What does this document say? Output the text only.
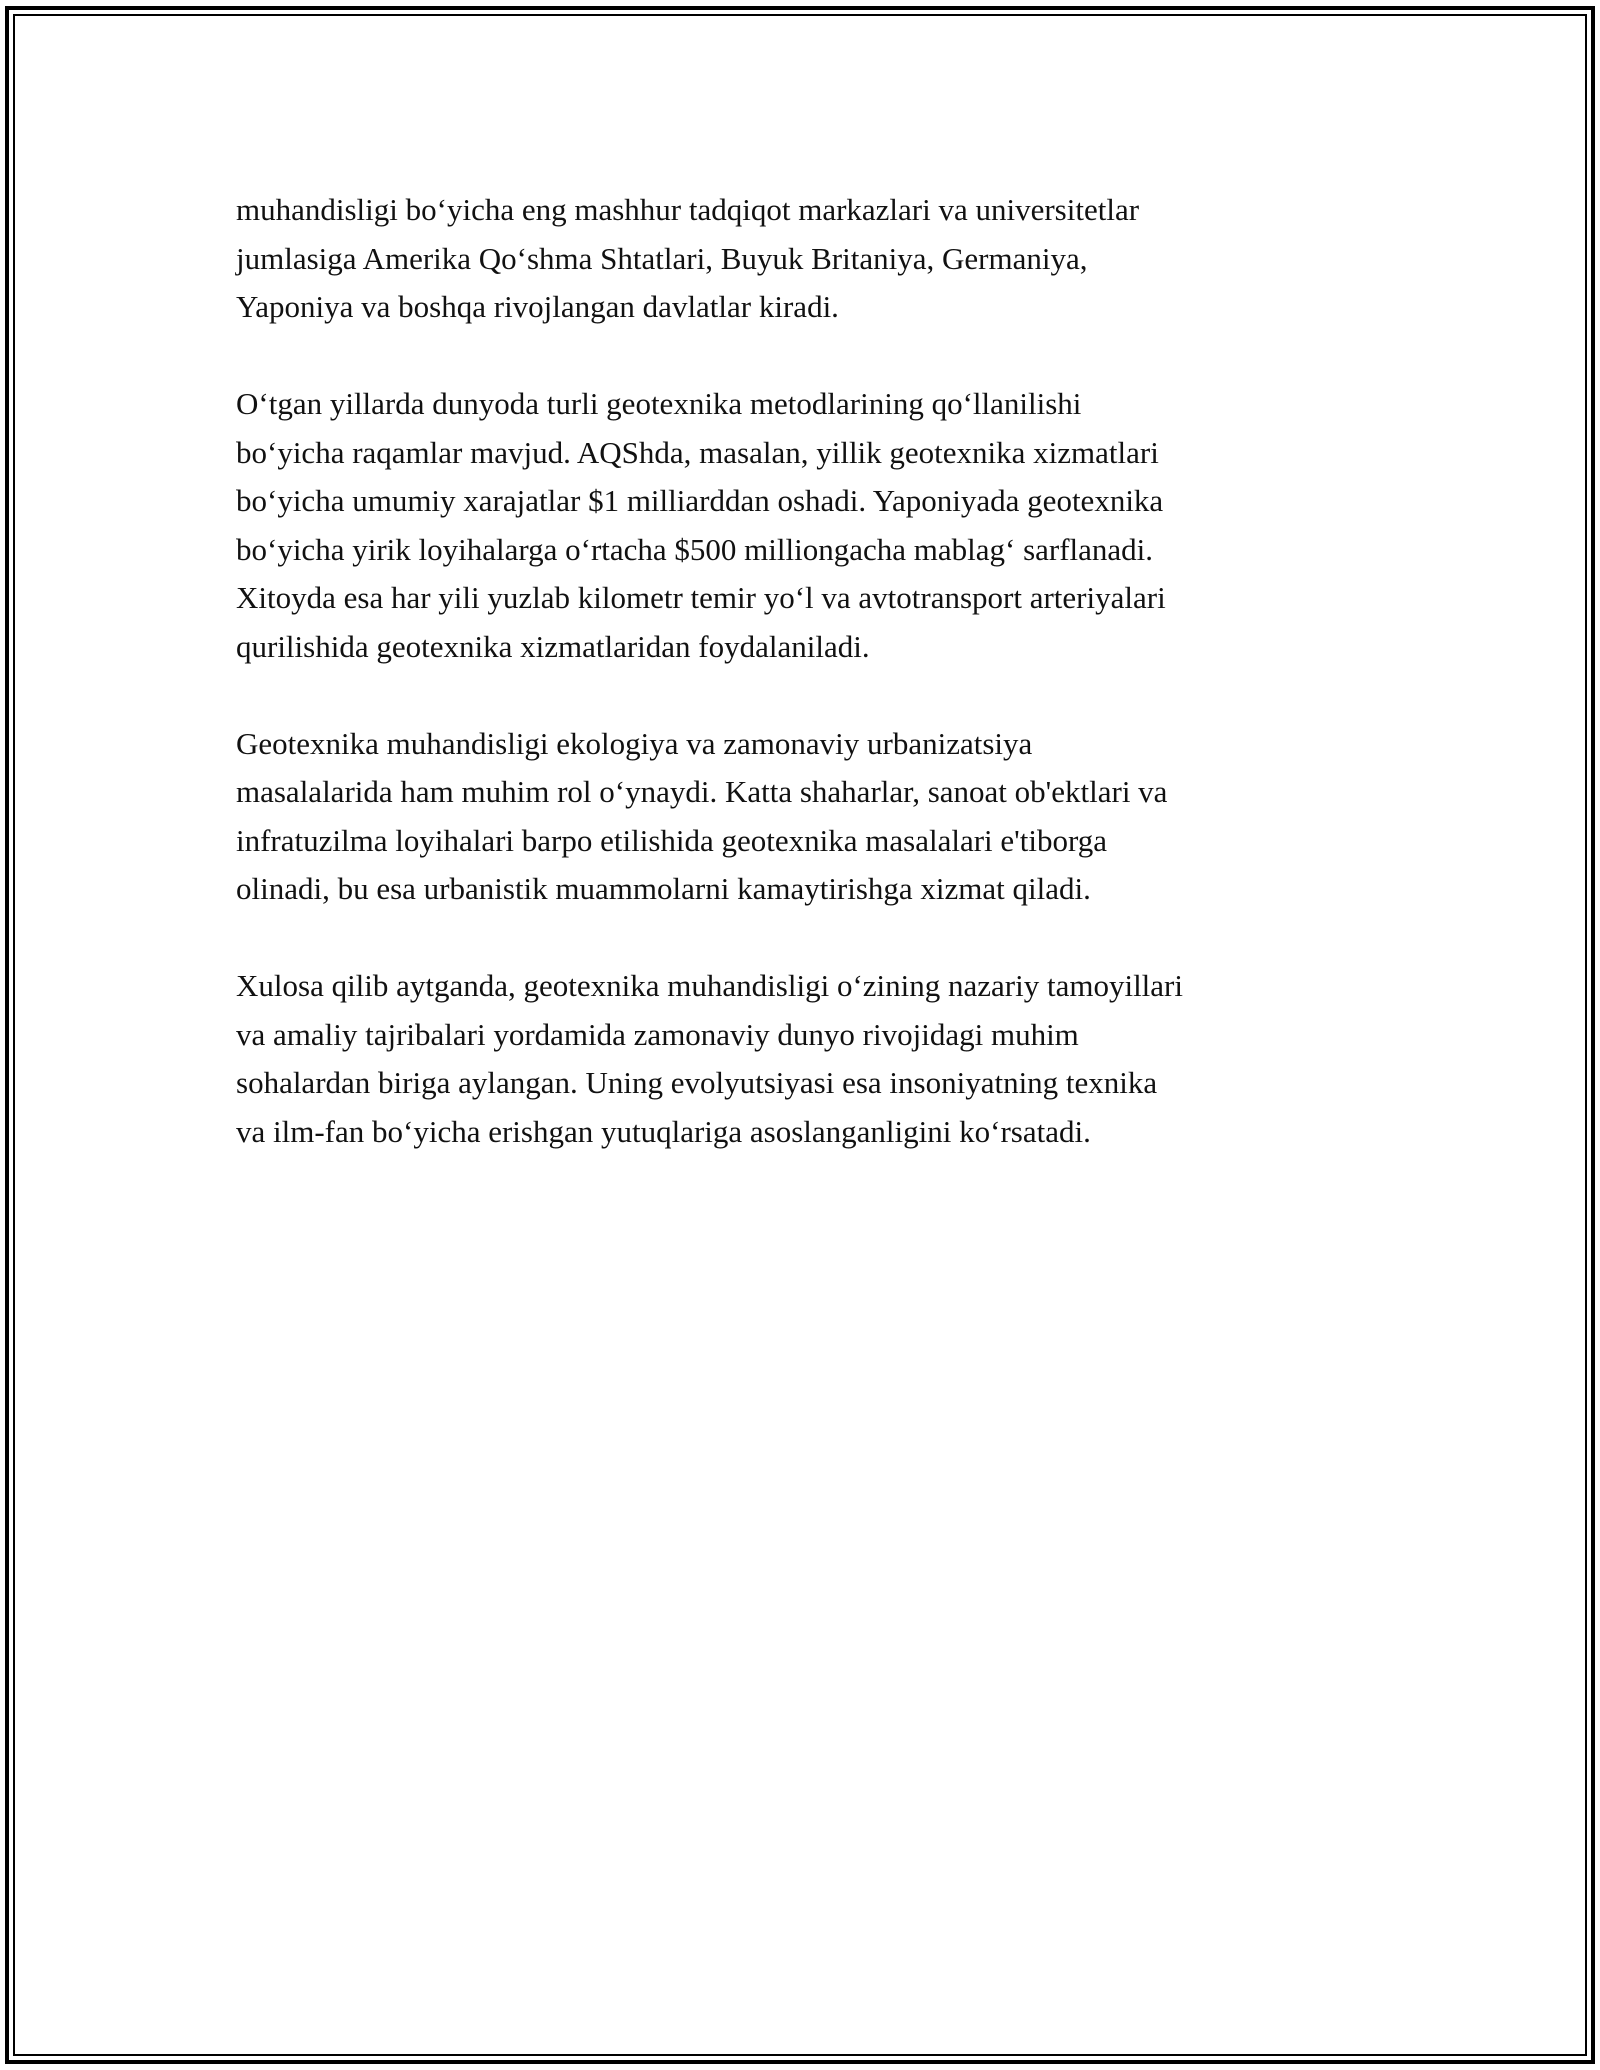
muhandisligi bo‘yicha eng mashhur tadqiqot markazlari va universitetlar
jumlasiga Amerika Qo‘shma Shtatlari, Buyuk Britaniya, Germaniya,
Yaponiya va boshqa rivojlangan davlatlar kiradi.

O‘tgan yillarda dunyoda turli geotexnika metodlarining qo‘llanilishi
bo‘yicha raqamlar mavjud. AQShda, masalan, yillik geotexnika xizmatlari
bo‘yicha umumiy xarajatlar $1 milliarddan oshadi. Yaponiyada geotexnika
bo‘yicha yirik loyihalarga o‘rtacha $500 milliongacha mablag‘ sarflanadi.
Xitoyda esa har yili yuzlab kilometr temir yo‘l va avtotransport arteriyalari
qurilishida geotexnika xizmatlaridan foydalaniladi.

Geotexnika muhandisligi ekologiya va zamonaviy urbanizatsiya
masalalarida ham muhim rol o‘ynaydi. Katta shaharlar, sanoat ob'ektlari va
infratuzilma loyihalari barpo etilishida geotexnika masalalari e'tiborga
olinadi, bu esa urbanistik muammolarni kamaytirishga xizmat qiladi.

Xulosa qilib aytganda, geotexnika muhandisligi o‘zining nazariy tamoyillari
va amaliy tajribalari yordamida zamonaviy dunyo rivojidagi muhim
sohalardan biriga aylangan. Uning evolyutsiyasi esa insoniyatning texnika
va ilm-fan bo‘yicha erishgan yutuqlariga asoslanganligini ko‘rsatadi.
